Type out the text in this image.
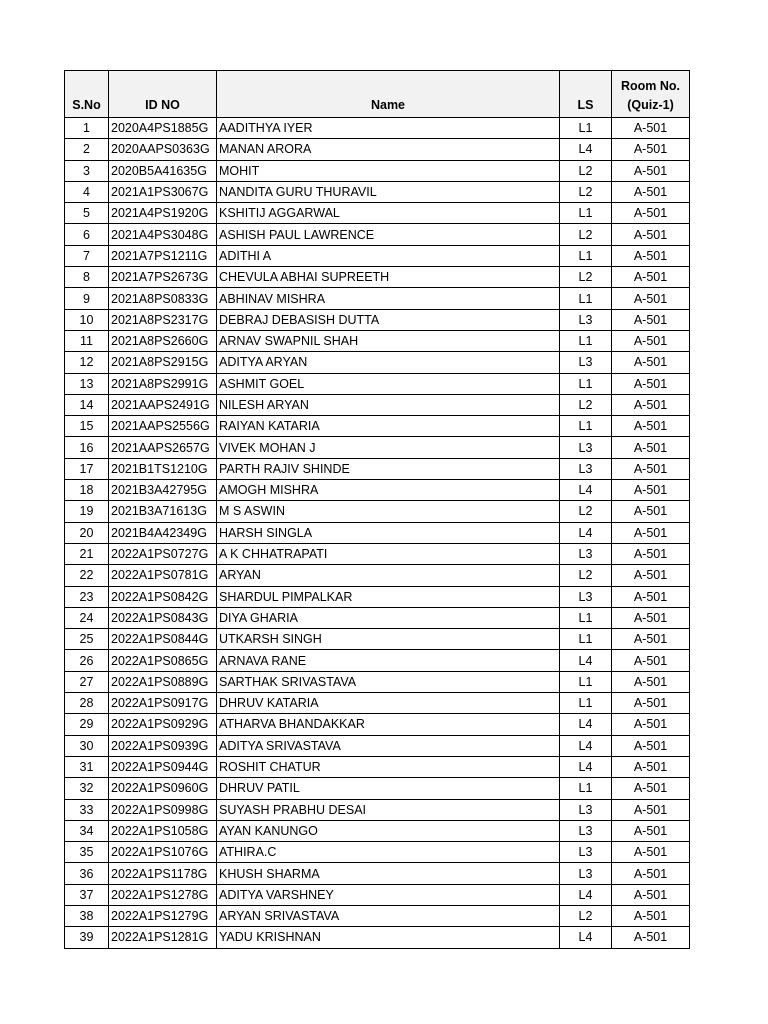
S.No	ID NO	Name	LS	Room No.
(Quiz-1)

1	2020A4PS1885G	AADITHYA IYER	L1	A-501
2	2020AAPS0363G	MANAN ARORA	L4	A-501
3	2020B5A41635G	MOHIT	L2	A-501
4	2021A1PS3067G	NANDITA GURU THURAVIL	L2	A-501
5	2021A4PS1920G	KSHITIJ AGGARWAL	L1	A-501
6	2021A4PS3048G	ASHISH PAUL LAWRENCE	L2	A-501
7	2021A7PS1211G	ADITHI A	L1	A-501
8	2021A7PS2673G	CHEVULA ABHAI SUPREETH	L2	A-501
9	2021A8PS0833G	ABHINAV MISHRA	L1	A-501
10	2021A8PS2317G	DEBRAJ DEBASISH DUTTA	L3	A-501
11	2021A8PS2660G	ARNAV SWAPNIL SHAH	L1	A-501
12	2021A8PS2915G	ADITYA ARYAN	L3	A-501
13	2021A8PS2991G	ASHMIT GOEL	L1	A-501
14	2021AAPS2491G	NILESH ARYAN	L2	A-501
15	2021AAPS2556G	RAIYAN KATARIA	L1	A-501
16	2021AAPS2657G	VIVEK MOHAN J	L3	A-501
17	2021B1TS1210G	PARTH RAJIV SHINDE	L3	A-501
18	2021B3A42795G	AMOGH MISHRA	L4	A-501
19	2021B3A71613G	M S ASWIN	L2	A-501
20	2021B4A42349G	HARSH SINGLA	L4	A-501
21	2022A1PS0727G	A K CHHATRAPATI	L3	A-501
22	2022A1PS0781G	ARYAN	L2	A-501
23	2022A1PS0842G	SHARDUL PIMPALKAR	L3	A-501
24	2022A1PS0843G	DIYA GHARIA	L1	A-501
25	2022A1PS0844G	UTKARSH SINGH	L1	A-501
26	2022A1PS0865G	ARNAVA RANE	L4	A-501
27	2022A1PS0889G	SARTHAK SRIVASTAVA	L1	A-501
28	2022A1PS0917G	DHRUV KATARIA	L1	A-501
29	2022A1PS0929G	ATHARVA BHANDAKKAR	L4	A-501
30	2022A1PS0939G	ADITYA SRIVASTAVA	L4	A-501
31	2022A1PS0944G	ROSHIT CHATUR	L4	A-501
32	2022A1PS0960G	DHRUV PATIL	L1	A-501
33	2022A1PS0998G	SUYASH PRABHU DESAI	L3	A-501
34	2022A1PS1058G	AYAN KANUNGO	L3	A-501
35	2022A1PS1076G	ATHIRA.C	L3	A-501
36	2022A1PS1178G	KHUSH SHARMA	L3	A-501
37	2022A1PS1278G	ADITYA VARSHNEY	L4	A-501
38	2022A1PS1279G	ARYAN SRIVASTAVA	L2	A-501
39	2022A1PS1281G	YADU KRISHNAN	L4	A-501
